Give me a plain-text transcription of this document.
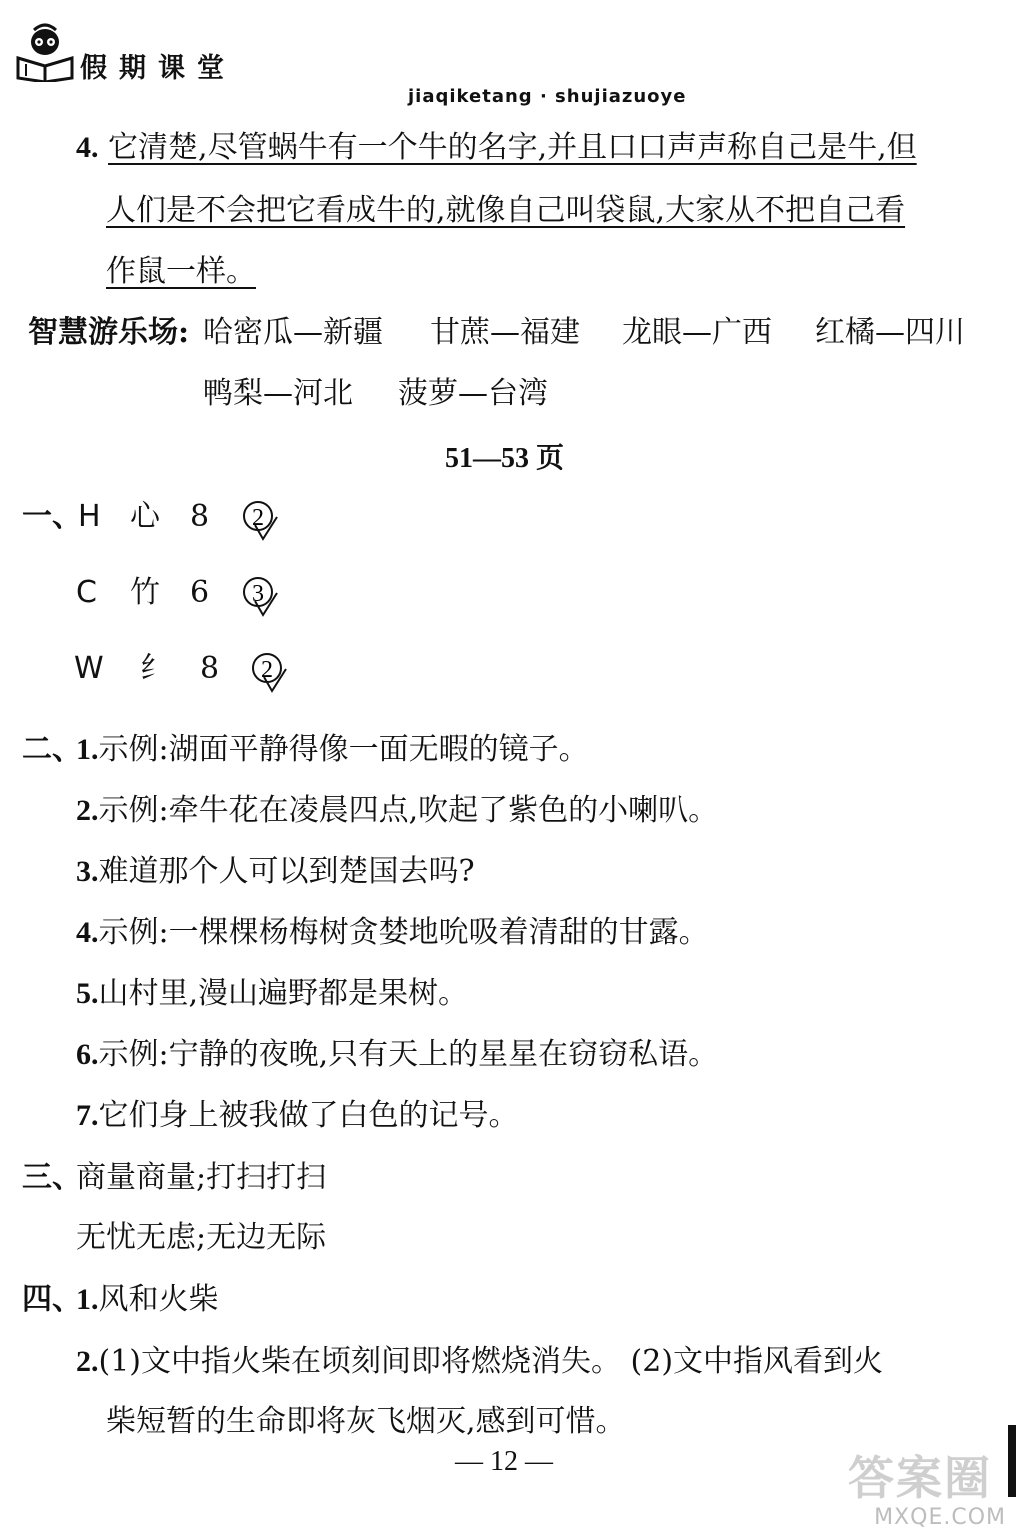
假期课堂
jiaqiketang · shujiazuoye
4. 它清楚,尽管蜗牛有一个牛的名字,并且口口声声称自己是牛,但
人们是不会把它看成牛的,就像自己叫袋鼠,大家从不把自己看
作鼠一样。
智慧游乐场: 哈密瓜—新疆 甘蔗—福建 龙眼—广西 红橘—四川
鸭梨—河北 菠萝—台湾
51—53 页
一、
H 心 8 2
C 竹 6 3
W 纟 8 2
二、
1.示例:湖面平静得像一面无暇的镜子。
2.示例:牵牛花在凌晨四点,吹起了紫色的小喇叭。
3.难道那个人可以到楚国去吗?
4.示例:一棵棵杨梅树贪婪地吮吸着清甜的甘露。
5.山村里,漫山遍野都是果树。
6.示例:宁静的夜晚,只有天上的星星在窃窃私语。
7.它们身上被我做了白色的记号。
三、
商量商量;打扫打扫
无忧无虑;无边无际
四、
1.风和火柴
2.(1)文中指火柴在顷刻间即将燃烧消失。 (2)文中指风看到火
柴短暂的生命即将灰飞烟灭,感到可惜。
— 12 —	答案圈
MXQE.COM
